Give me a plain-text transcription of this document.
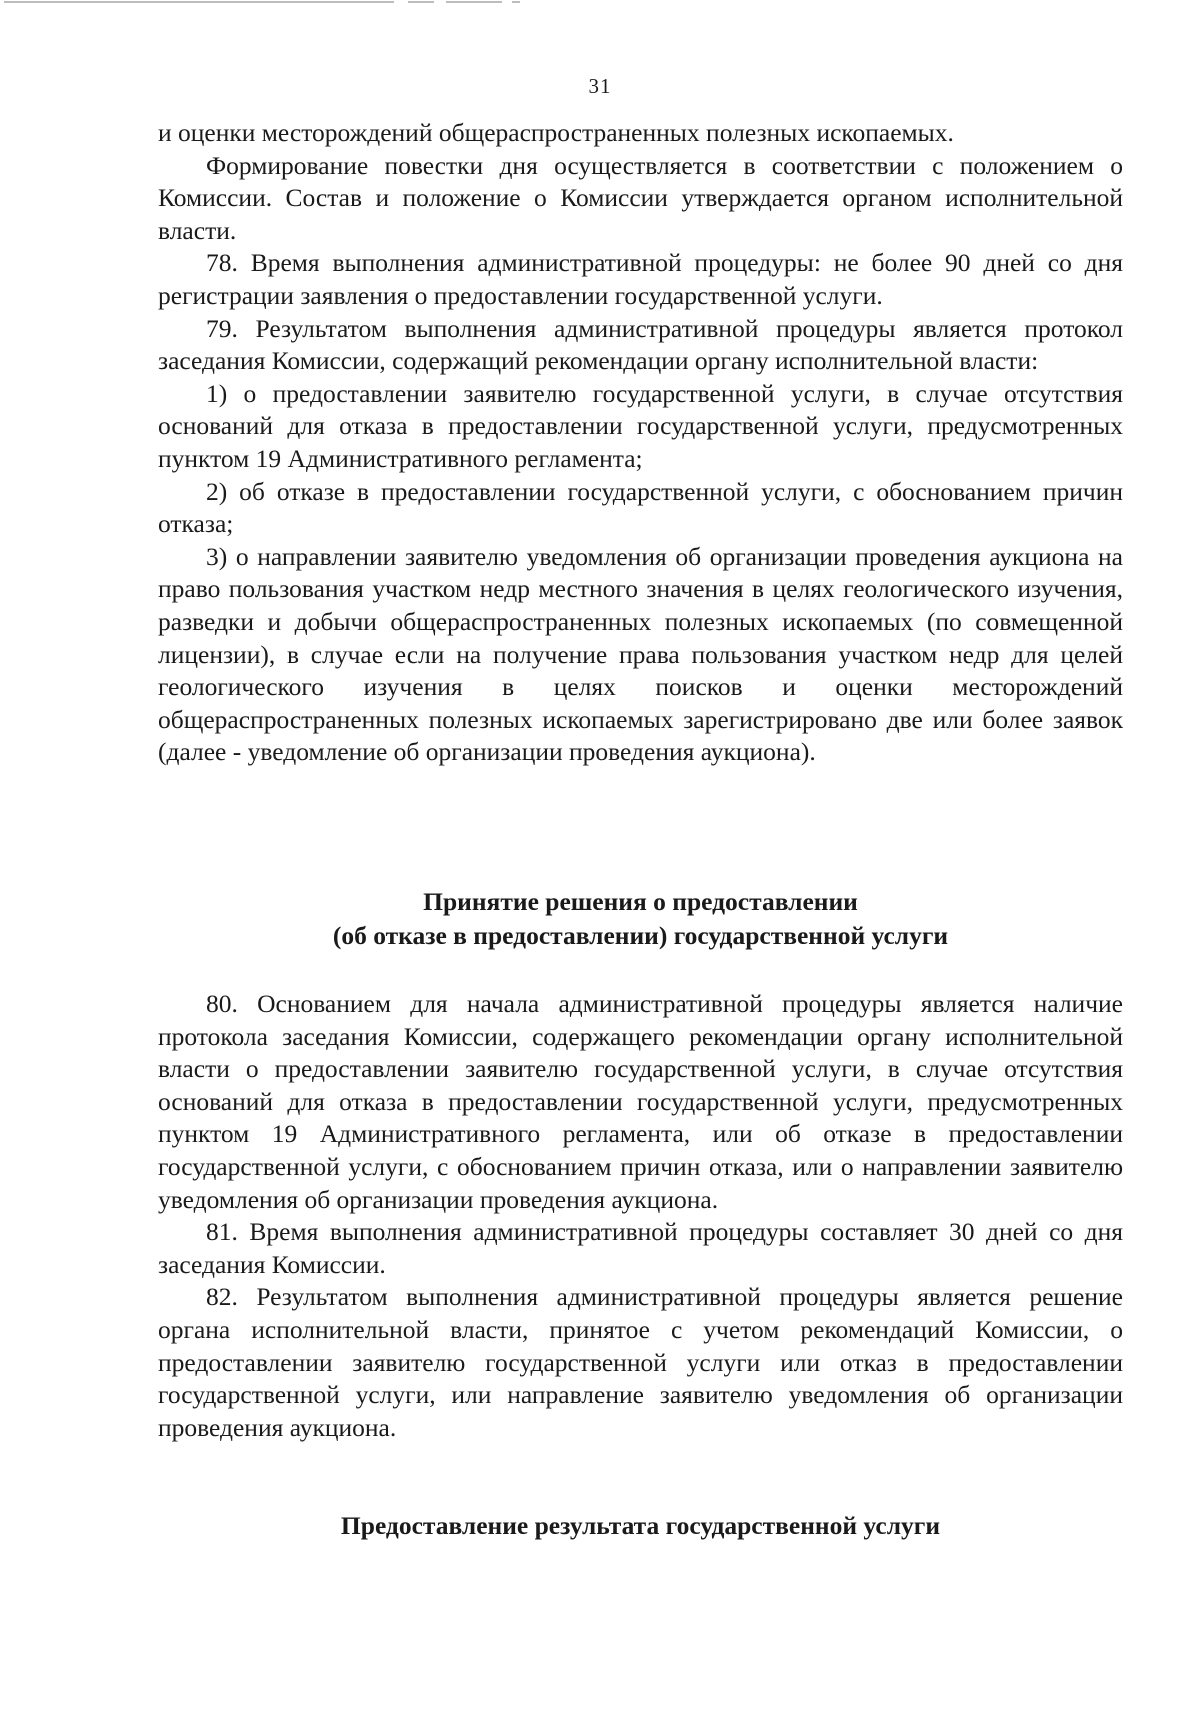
31

и оценки месторождений общераспространенных полезных ископаемых.

Формирование повестки дня осуществляется в соответствии с положением о Комиссии. Состав и положение о Комиссии утверждается органом исполнительной власти.

78. Время выполнения административной процедуры: не более 90 дней со дня регистрации заявления о предоставлении государственной услуги.

79. Результатом выполнения административной процедуры является протокол заседания Комиссии, содержащий рекомендации органу исполнительной власти:

1) о предоставлении заявителю государственной услуги, в случае отсутствия оснований для отказа в предоставлении государственной услуги, предусмотренных пунктом 19 Административного регламента;

2) об отказе в предоставлении государственной услуги, с обоснованием причин отказа;

3) о направлении заявителю уведомления об организации проведения аукциона на право пользования участком недр местного значения в целях геологического изучения, разведки и добычи общераспространенных полезных ископаемых (по совмещенной лицензии), в случае если на получение права пользования участком недр для целей геологического изучения в целях поисков и оценки месторождений общераспространенных полезных ископаемых зарегистрировано две или более заявок (далее - уведомление об организации проведения аукциона).

Принятие решения о предоставлении
(об отказе в предоставлении) государственной услуги

80. Основанием для начала административной процедуры является наличие протокола заседания Комиссии, содержащего рекомендации органу исполнительной власти о предоставлении заявителю государственной услуги, в случае отсутствия оснований для отказа в предоставлении государственной услуги, предусмотренных пунктом 19 Административного регламента, или об отказе в предоставлении государственной услуги, с обоснованием причин отказа, или о направлении заявителю уведомления об организации проведения аукциона.

81. Время выполнения административной процедуры составляет 30 дней со дня заседания Комиссии.

82. Результатом выполнения административной процедуры является решение органа исполнительной власти, принятое с учетом рекомендаций Комиссии, о предоставлении заявителю государственной услуги или отказ в предоставлении государственной услуги, или направление заявителю уведомления об организации проведения аукциона.

Предоставление результата государственной услуги
